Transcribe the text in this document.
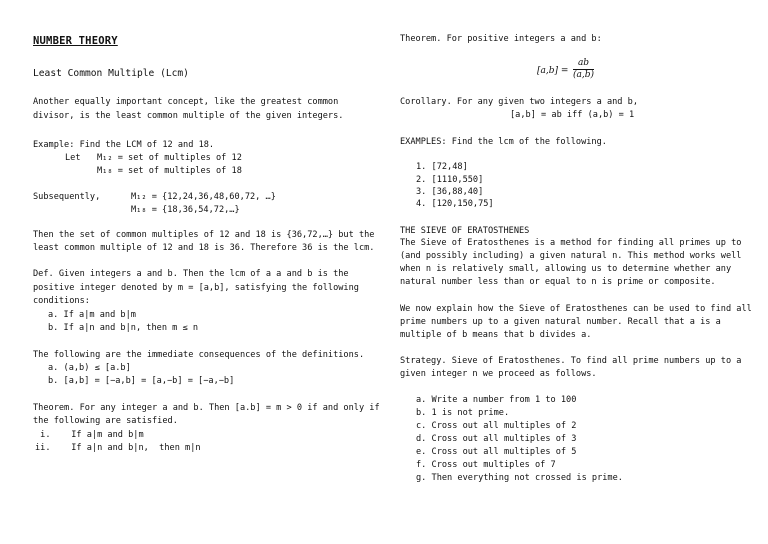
NUMBER THEORY
Least Common Multiple (Lcm)
Another equally important concept, like the greatest common
divisor, is the least common multiple of the given integers.
Example: Find the LCM of 12 and 18.
Let M₁₂ = set of multiples of 12
M₁₈ = set of multiples of 18
Subsequently,	M₁₂ = {12,24,36,48,60,72, …}
M₁₈ = {18,36,54,72,…}
Then the set of common multiples of 12 and 18 is {36,72,…} but the
least common multiple of 12 and 18 is 36. Therefore 36 is the lcm.
Def. Given integers a and b. Then the lcm of a a and b is the
positive integer denoted by m = [a,b], satisfying the following
conditions:
a. If a|m and b|m
b. If a|n and b|n, then m ≤ n
The following are the immediate consequences of the definitions.
a. (a,b) ≤ [a.b]
b. [a,b] = [−a,b] = [a,−b] = [−a,−b]
Theorem. For any integer a and b. Then [a.b] = m > 0 if and only if
the following are satisfied.
i.    If a|m and b|m
ii.    If a|n and b|n,  then m|n
Theorem. For positive integers a and b:
$[a,b] = \frac{ab}{(a,b)}$
Corollary. For any given two integers a and b,
[a,b] = ab iff (a,b) = 1
EXAMPLES: Find the lcm of the following.
1. [72,48]
2. [1110,550]
3. [36,88,40]
4. [120,150,75]
THE SIEVE OF ERATOSTHENES
The Sieve of Eratosthenes is a method for finding all primes up to
(and possibly including) a given natural n. This method works well
when n is relatively small, allowing us to determine whether any
natural number less than or equal to n is prime or composite.
We now explain how the Sieve of Eratosthenes can be used to find all
prime numbers up to a given natural number. Recall that a is a
multiple of b means that b divides a.
Strategy. Sieve of Eratosthenes. To find all prime numbers up to a
given integer n we proceed as follows.
a. Write a number from 1 to 100
b. 1 is not prime.
c. Cross out all multiples of 2
d. Cross out all multiples of 3
e. Cross out all multiples of 5
f. Cross out multiples of 7
g. Then everything not crossed is prime.
